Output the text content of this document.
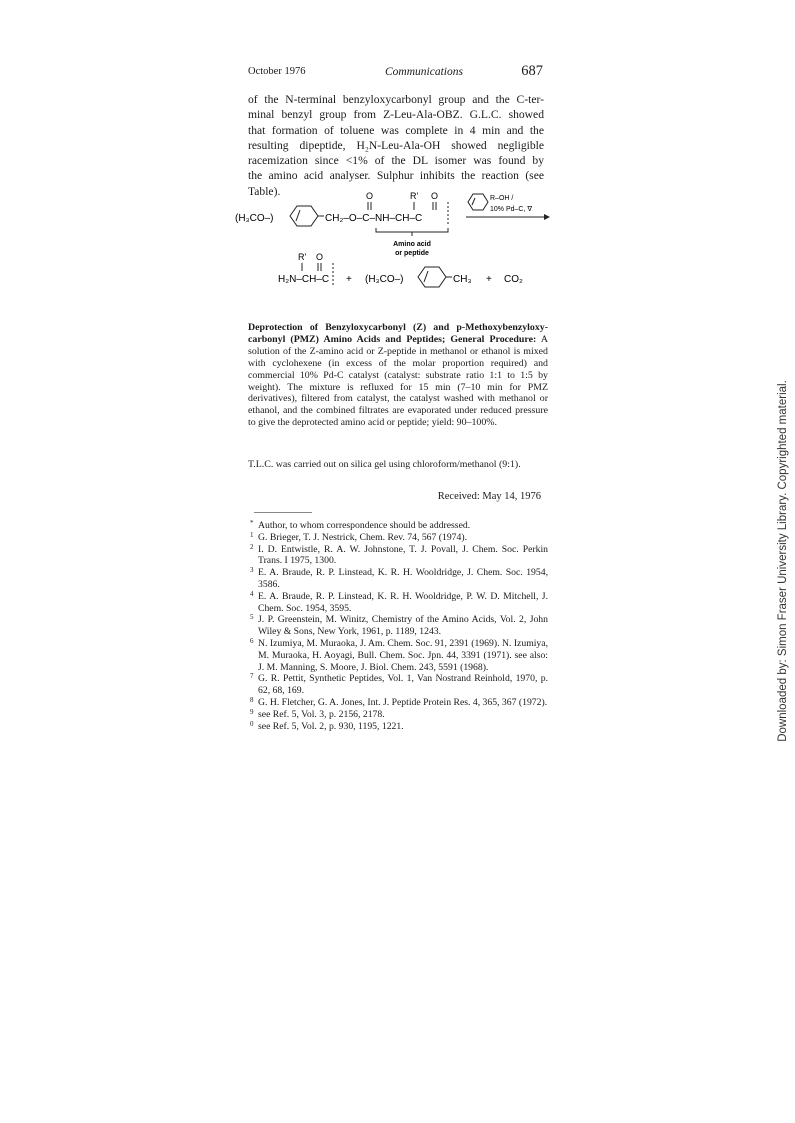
October 1976	Communications	687
of the N-terminal benzyloxycarbonyl group and the C-ter-
minal benzyl group from Z-Leu-Ala-OBZ. G.L.C. showed
that formation of toluene was complete in 4 min and the
resulting dipeptide, H₂N-Leu-Ala-OH showed negligible
racemization since <1% of the DL isomer was found by
the amino acid analyser. Sulphur inhibits the reaction (see
Table).
(H₃CO–)	CH₂–O–C–NH–CH–C
O	R' O
Amino acid
or peptide
R–OH /
10% Pd–C, ∇
R' O
H₂N–CH–C + (H₃CO–)	CH₃ + CO₂
Deprotection of Benzyloxycarbonyl (Z) and p-Methoxybenzyloxy-carbonyl (PMZ) Amino Acids and Peptides; General Procedure: A solution of the Z-amino acid or Z-peptide in methanol or ethanol is mixed with cyclohexene (in excess of the molar proportion required) and commercial 10% Pd-C catalyst (catalyst: substrate ratio 1:1 to 1:5 by weight). The mixture is refluxed for 15 min (7–10 min for PMZ derivatives), filtered from catalyst, the catalyst washed with methanol or ethanol, and the combined filtrates are evaporated under reduced pressure to give the deprotected amino acid or peptide; yield: 90–100%.

T.L.C. was carried out on silica gel using chloroform/methanol (9:1).

Received: May 14, 1976
* Author, to whom correspondence should be addressed.
1 G. Brieger, T. J. Nestrick, Chem. Rev. 74, 567 (1974).
2 I. D. Entwistle, R. A. W. Johnstone, T. J. Povall, J. Chem. Soc. Perkin Trans. I 1975, 1300.
3 E. A. Braude, R. P. Linstead, K. R. H. Wooldridge, J. Chem. Soc. 1954, 3586.
4 E. A. Braude, R. P. Linstead, K. R. H. Wooldridge, P. W. D. Mitchell, J. Chem. Soc. 1954, 3595.
5 J. P. Greenstein, M. Winitz, Chemistry of the Amino Acids, Vol. 2, John Wiley & Sons, New York, 1961, p. 1189, 1243.
6 N. Izumiya, M. Muraoka, J. Am. Chem. Soc. 91, 2391 (1969). N. Izumiya, M. Muraoka, H. Aoyagi, Bull. Chem. Soc. Jpn. 44, 3391 (1971). see also: J. M. Manning, S. Moore, J. Biol. Chem. 243, 5591 (1968).
7 G. R. Pettit, Synthetic Peptides, Vol. 1, Van Nostrand Reinhold, 1970, p. 62, 68, 169.
8 G. H. Fletcher, G. A. Jones, Int. J. Peptide Protein Res. 4, 365, 367 (1972).
9 see Ref. 5, Vol. 3, p. 2156, 2178.
0 see Ref. 5, Vol. 2, p. 930, 1195, 1221.	Downloaded by: Simon Fraser University Library. Copyrighted material.
